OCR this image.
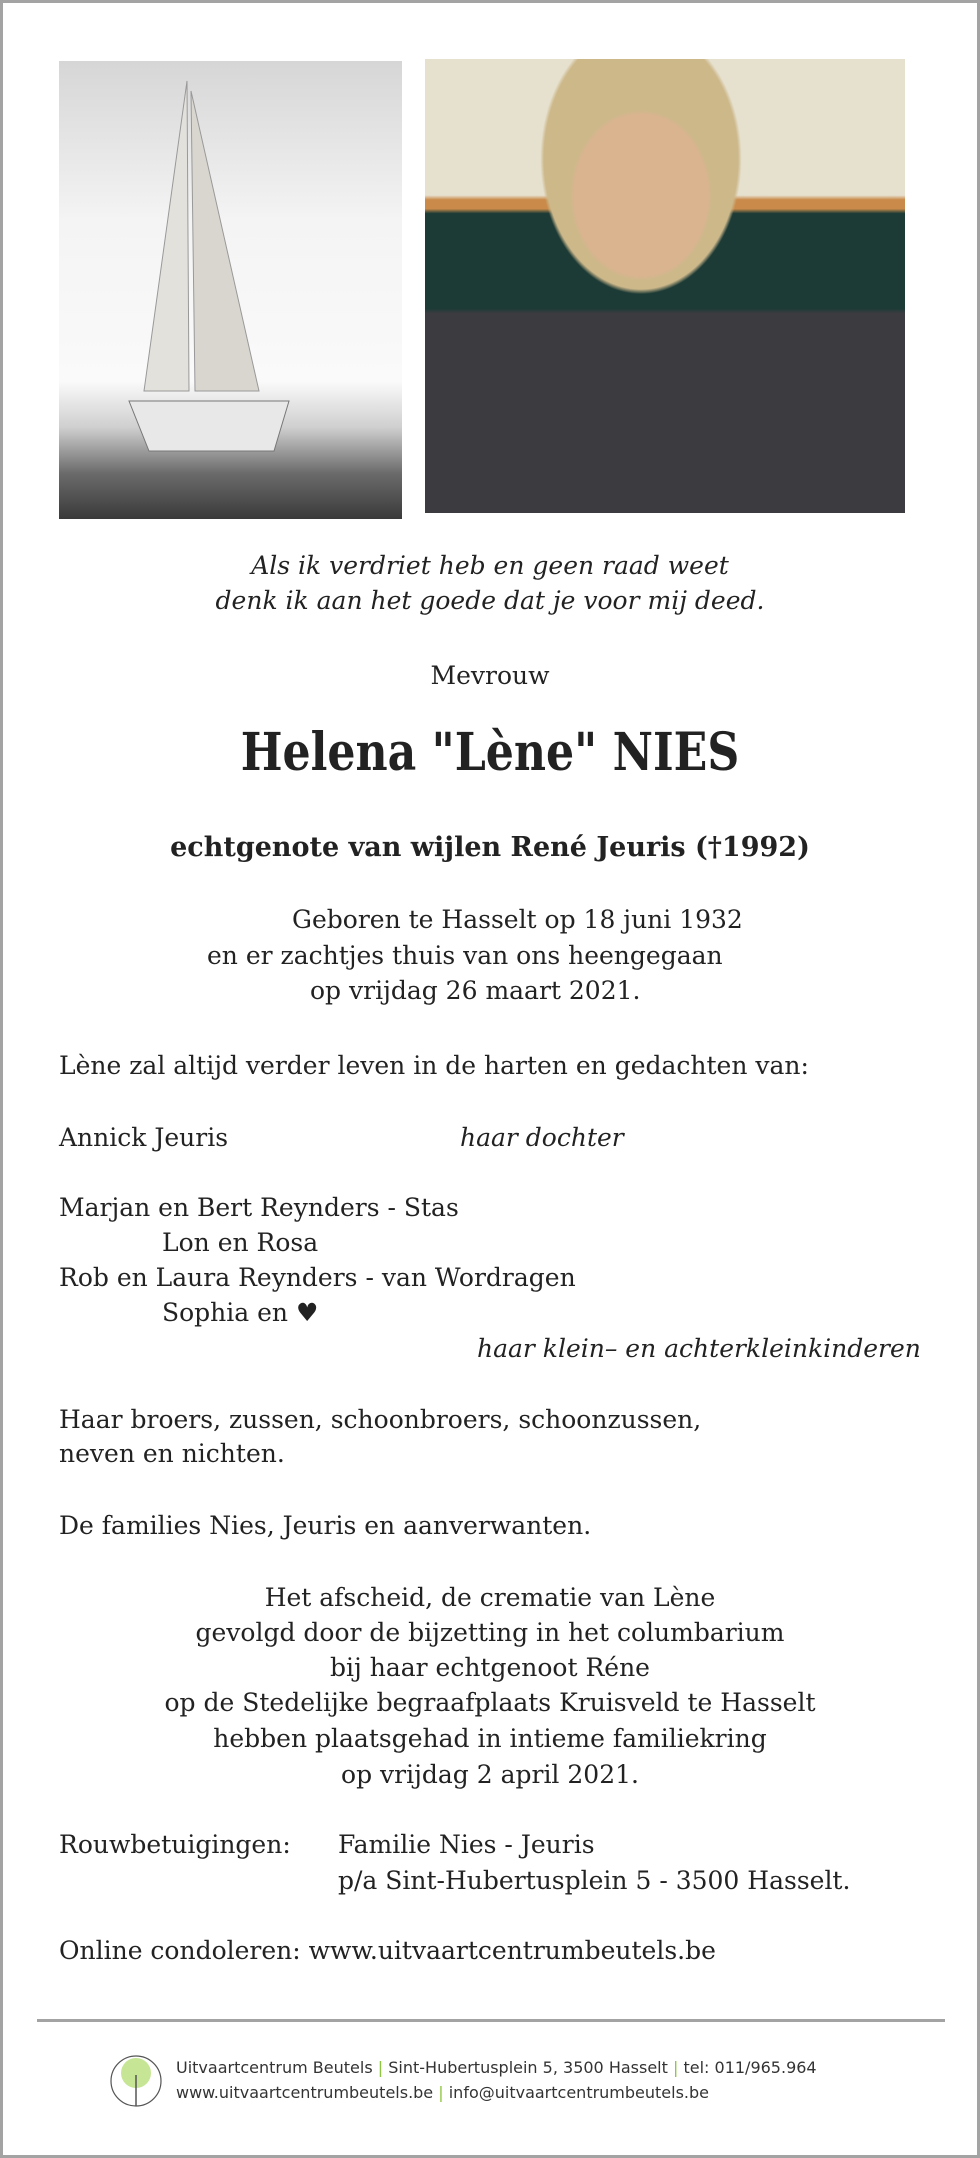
Als ik verdriet heb en geen raad weet
denk ik aan het goede dat je voor mij deed.
Mevrouw
Helena "Lène" NIES
echtgenote van wijlen René Jeuris (†1992)
Geboren te Hasselt op 18 juni 1932
en er zachtjes thuis van ons heengegaan
op vrijdag 26 maart 2021.
Lène zal altijd verder leven in de harten en gedachten van:
Annick Jeuris	haar dochter
Marjan en Bert Reynders - Stas
Lon en Rosa
Rob en Laura Reynders - van Wordragen
Sophia en ♥
haar klein– en achterkleinkinderen
Haar broers, zussen, schoonbroers, schoonzussen,
neven en nichten.
De families Nies, Jeuris en aanverwanten.
Het afscheid, de crematie van Lène
gevolgd door de bijzetting in het columbarium
bij haar echtgenoot Réne
op de Stedelijke begraafplaats Kruisveld te Hasselt
hebben plaatsgehad in intieme familiekring
op vrijdag 2 april 2021.
Rouwbetuigingen: Familie Nies - Jeuris
p/a Sint-Hubertusplein 5 - 3500 Hasselt.
Online condoleren: www.uitvaartcentrumbeutels.be
Uitvaartcentrum Beutels | Sint-Hubertusplein 5, 3500 Hasselt | tel: 011/965.964
www.uitvaartcentrumbeutels.be | info@uitvaartcentrumbeutels.be
